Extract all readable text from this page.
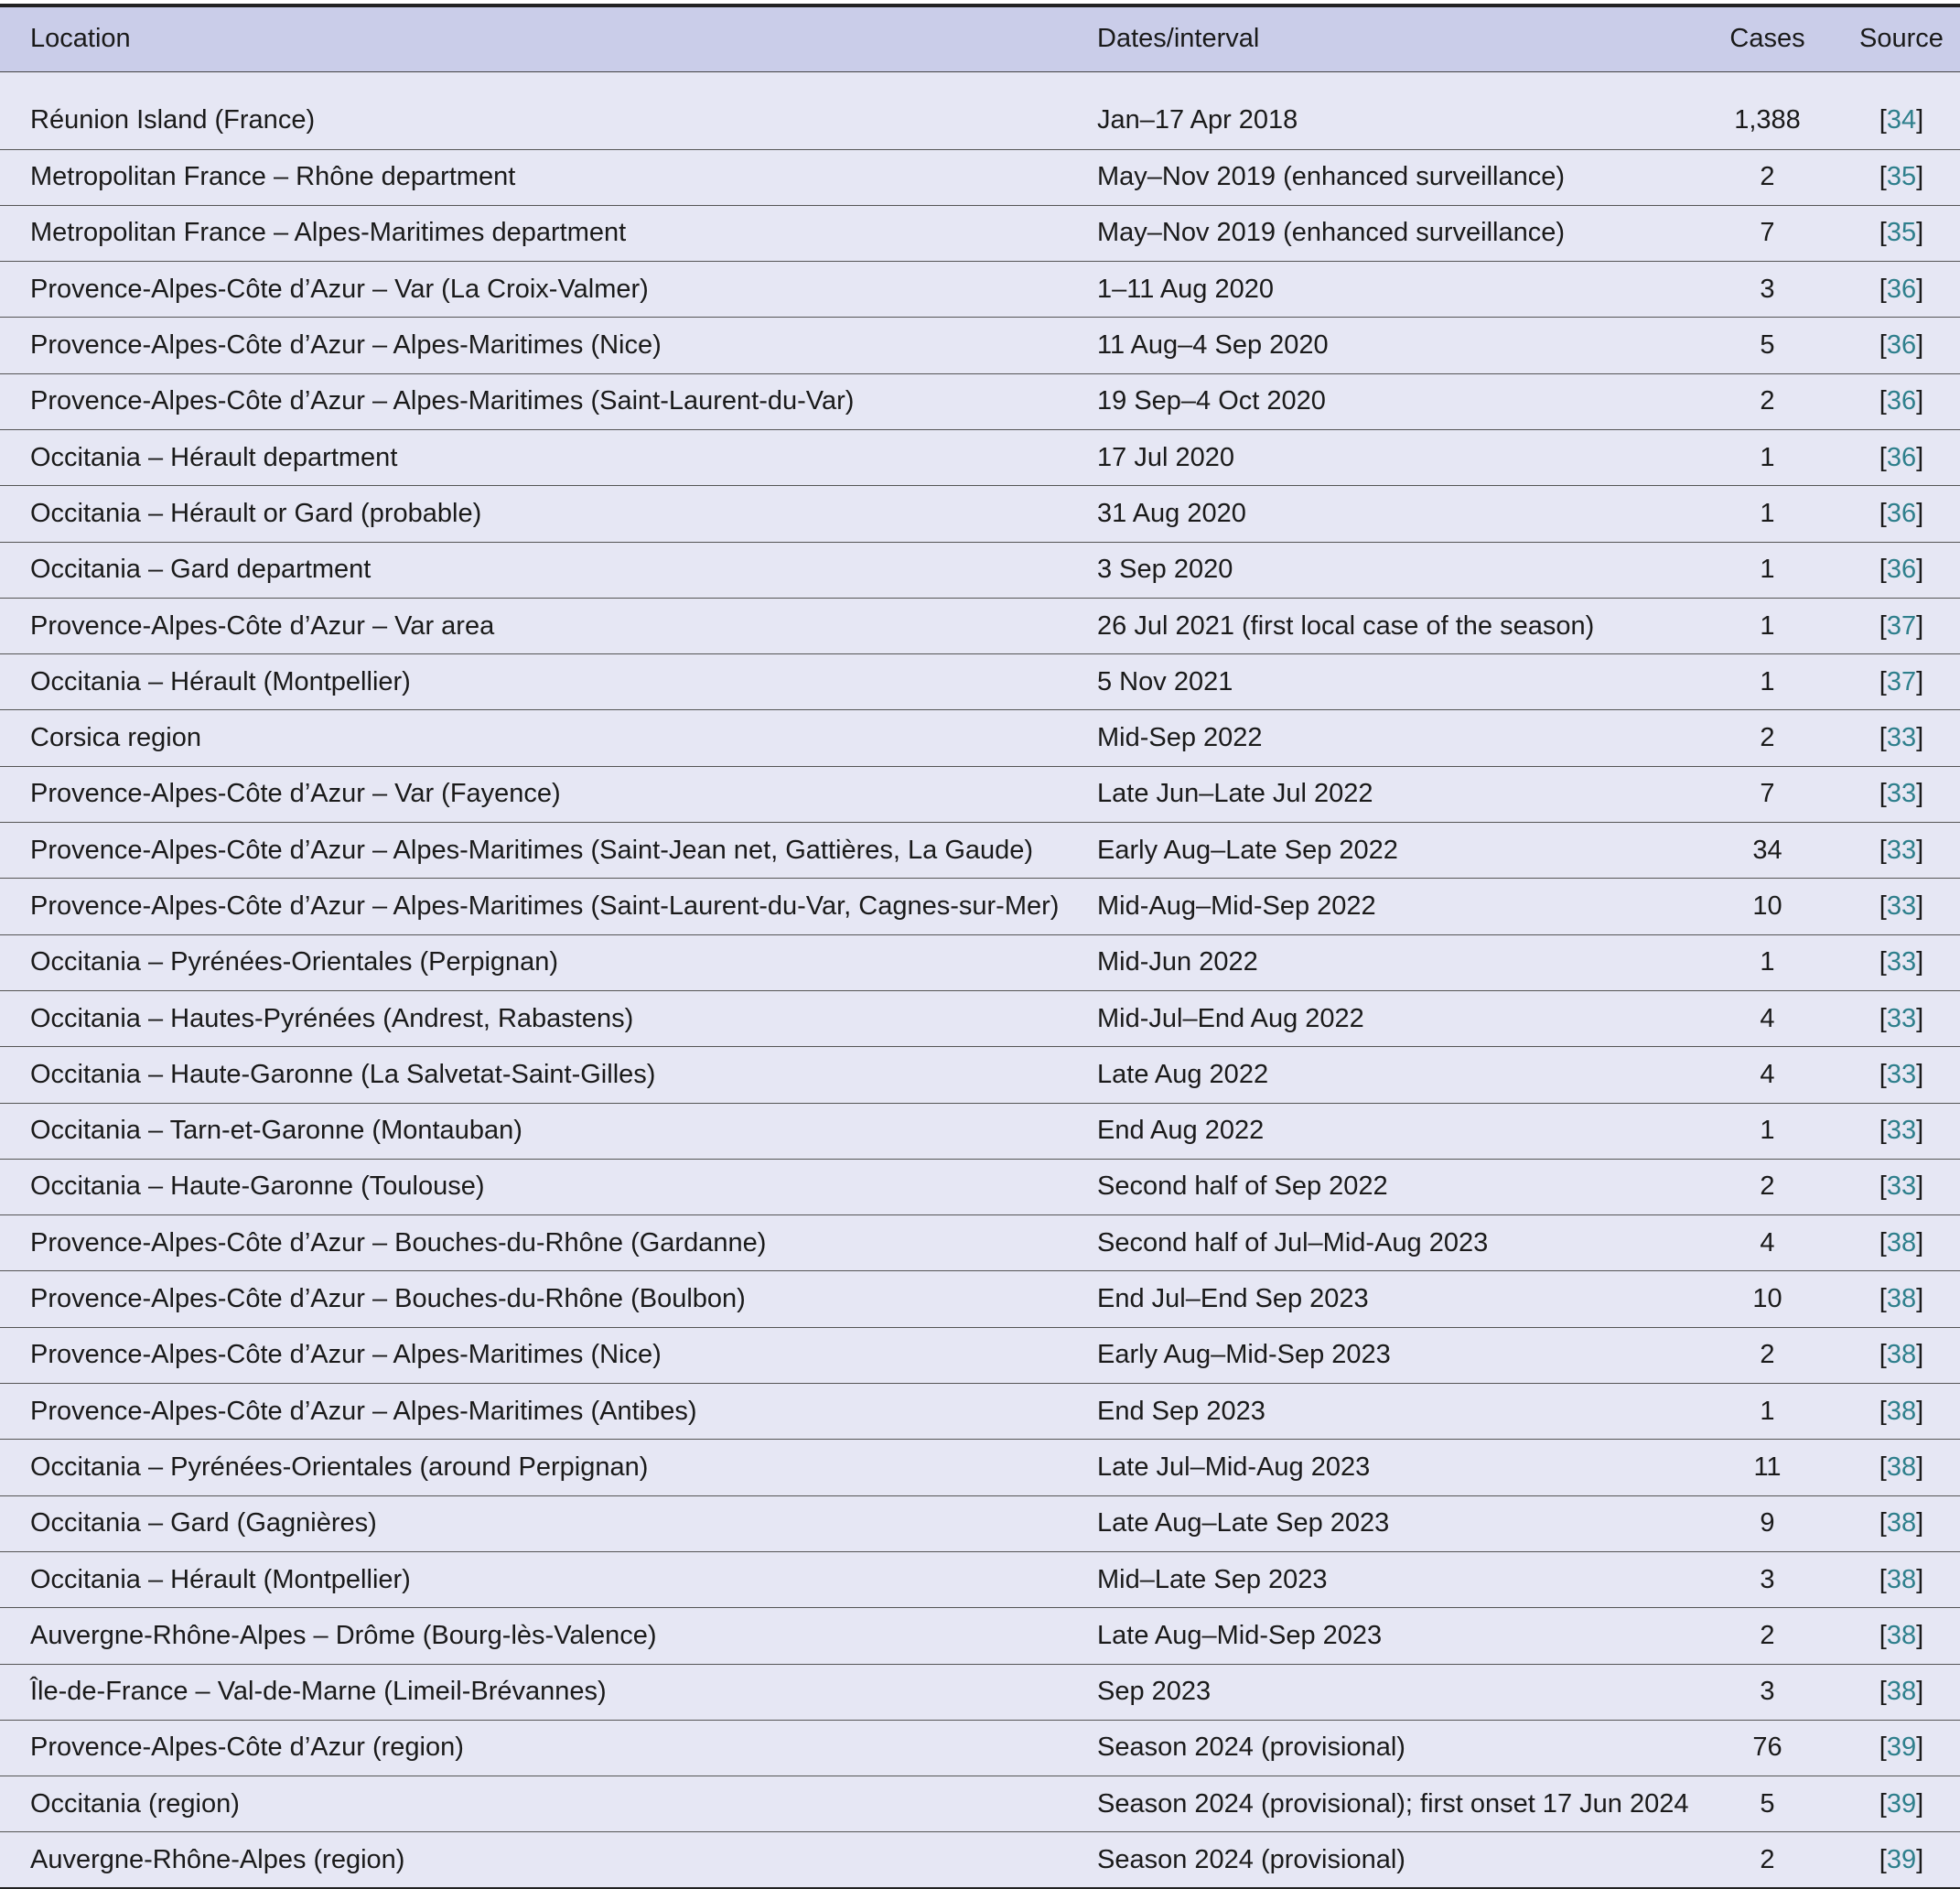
Location	Dates/interval	Cases	Source
Réunion Island (France)	Jan–17 Apr 2018	1,388	[34]
Metropolitan France – Rhône department	May–Nov 2019 (enhanced surveillance)	2	[35]
Metropolitan France – Alpes-Maritimes department	May–Nov 2019 (enhanced surveillance)	7	[35]
Provence-Alpes-Côte d’Azur – Var (La Croix-Valmer)	1–11 Aug 2020	3	[36]
Provence-Alpes-Côte d’Azur – Alpes-Maritimes (Nice)	11 Aug–4 Sep 2020	5	[36]
Provence-Alpes-Côte d’Azur – Alpes-Maritimes (Saint-Laurent-du-Var)	19 Sep–4 Oct 2020	2	[36]
Occitania – Hérault department	17 Jul 2020	1	[36]
Occitania – Hérault or Gard (probable)	31 Aug 2020	1	[36]
Occitania – Gard department	3 Sep 2020	1	[36]
Provence-Alpes-Côte d’Azur – Var area	26 Jul 2021 (first local case of the season)	1	[37]
Occitania – Hérault (Montpellier)	5 Nov 2021	1	[37]
Corsica region	Mid-Sep 2022	2	[33]
Provence-Alpes-Côte d’Azur – Var (Fayence)	Late Jun–Late Jul 2022	7	[33]
Provence-Alpes-Côte d’Azur – Alpes-Maritimes (Saint-Jean net, Gattières, La Gaude)	Early Aug–Late Sep 2022	34	[33]
Provence-Alpes-Côte d’Azur – Alpes-Maritimes (Saint-Laurent-du-Var, Cagnes-sur-Mer)	Mid-Aug–Mid-Sep 2022	10	[33]
Occitania – Pyrénées-Orientales (Perpignan)	Mid-Jun 2022	1	[33]
Occitania – Hautes-Pyrénées (Andrest, Rabastens)	Mid-Jul–End Aug 2022	4	[33]
Occitania – Haute-Garonne (La Salvetat-Saint-Gilles)	Late Aug 2022	4	[33]
Occitania – Tarn-et-Garonne (Montauban)	End Aug 2022	1	[33]
Occitania – Haute-Garonne (Toulouse)	Second half of Sep 2022	2	[33]
Provence-Alpes-Côte d’Azur – Bouches-du-Rhône (Gardanne)	Second half of Jul–Mid-Aug 2023	4	[38]
Provence-Alpes-Côte d’Azur – Bouches-du-Rhône (Boulbon)	End Jul–End Sep 2023	10	[38]
Provence-Alpes-Côte d’Azur – Alpes-Maritimes (Nice)	Early Aug–Mid-Sep 2023	2	[38]
Provence-Alpes-Côte d’Azur – Alpes-Maritimes (Antibes)	End Sep 2023	1	[38]
Occitania – Pyrénées-Orientales (around Perpignan)	Late Jul–Mid-Aug 2023	11	[38]
Occitania – Gard (Gagnières)	Late Aug–Late Sep 2023	9	[38]
Occitania – Hérault (Montpellier)	Mid–Late Sep 2023	3	[38]
Auvergne-Rhône-Alpes – Drôme (Bourg-lès-Valence)	Late Aug–Mid-Sep 2023	2	[38]
Île-de-France – Val-de-Marne (Limeil-Brévannes)	Sep 2023	3	[38]
Provence-Alpes-Côte d’Azur (region)	Season 2024 (provisional)	76	[39]
Occitania (region)	Season 2024 (provisional); first onset 17 Jun 2024	5	[39]
Auvergne-Rhône-Alpes (region)	Season 2024 (provisional)	2	[39]
